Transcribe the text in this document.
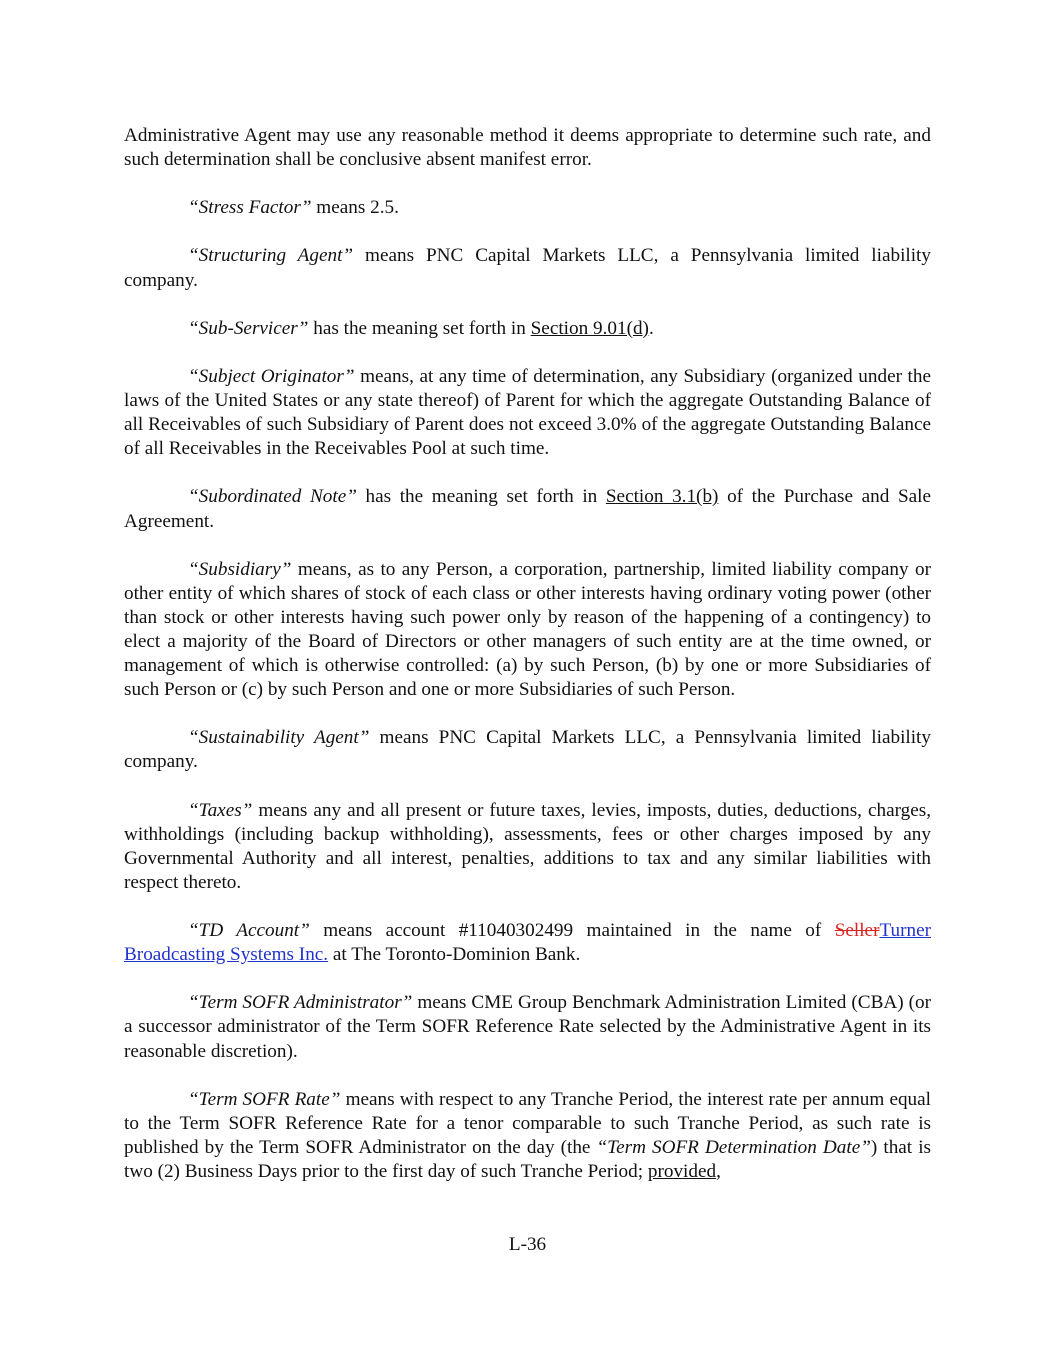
Administrative Agent may use any reasonable method it deems appropriate to determine such rate, and such determination shall be conclusive absent manifest error.

“Stress Factor” means 2.5.

“Structuring Agent” means PNC Capital Markets LLC, a Pennsylvania limited liability company.

“Sub-Servicer” has the meaning set forth in Section 9.01(d).

“Subject Originator” means, at any time of determination, any Subsidiary (organized under the laws of the United States or any state thereof) of Parent for which the aggregate Outstanding Balance of all Receivables of such Subsidiary of Parent does not exceed 3.0% of the aggregate Outstanding Balance of all Receivables in the Receivables Pool at such time.

“Subordinated Note” has the meaning set forth in Section 3.1(b) of the Purchase and Sale Agreement.

“Subsidiary” means, as to any Person, a corporation, partnership, limited liability company or other entity of which shares of stock of each class or other interests having ordinary voting power (other than stock or other interests having such power only by reason of the happening of a contingency) to elect a majority of the Board of Directors or other managers of such entity are at the time owned, or management of which is otherwise controlled: (a) by such Person, (b) by one or more Subsidiaries of such Person or (c) by such Person and one or more Subsidiaries of such Person.

“Sustainability Agent” means PNC Capital Markets LLC, a Pennsylvania limited liability company.

“Taxes” means any and all present or future taxes, levies, imposts, duties, deductions, charges, withholdings (including backup withholding), assessments, fees or other charges imposed by any Governmental Authority and all interest, penalties, additions to tax and any similar liabilities with respect thereto.

“TD Account” means account #11040302499 maintained in the name of SellerTurner Broadcasting Systems Inc. at The Toronto-Dominion Bank.

“Term SOFR Administrator” means CME Group Benchmark Administration Limited (CBA) (or a successor administrator of the Term SOFR Reference Rate selected by the Administrative Agent in its reasonable discretion).

“Term SOFR Rate” means with respect to any Tranche Period, the interest rate per annum equal to the Term SOFR Reference Rate for a tenor comparable to such Tranche Period, as such rate is published by the Term SOFR Administrator on the day (the “Term SOFR Determination Date”) that is two (2) Business Days prior to the first day of such Tranche Period; provided,

L-36
